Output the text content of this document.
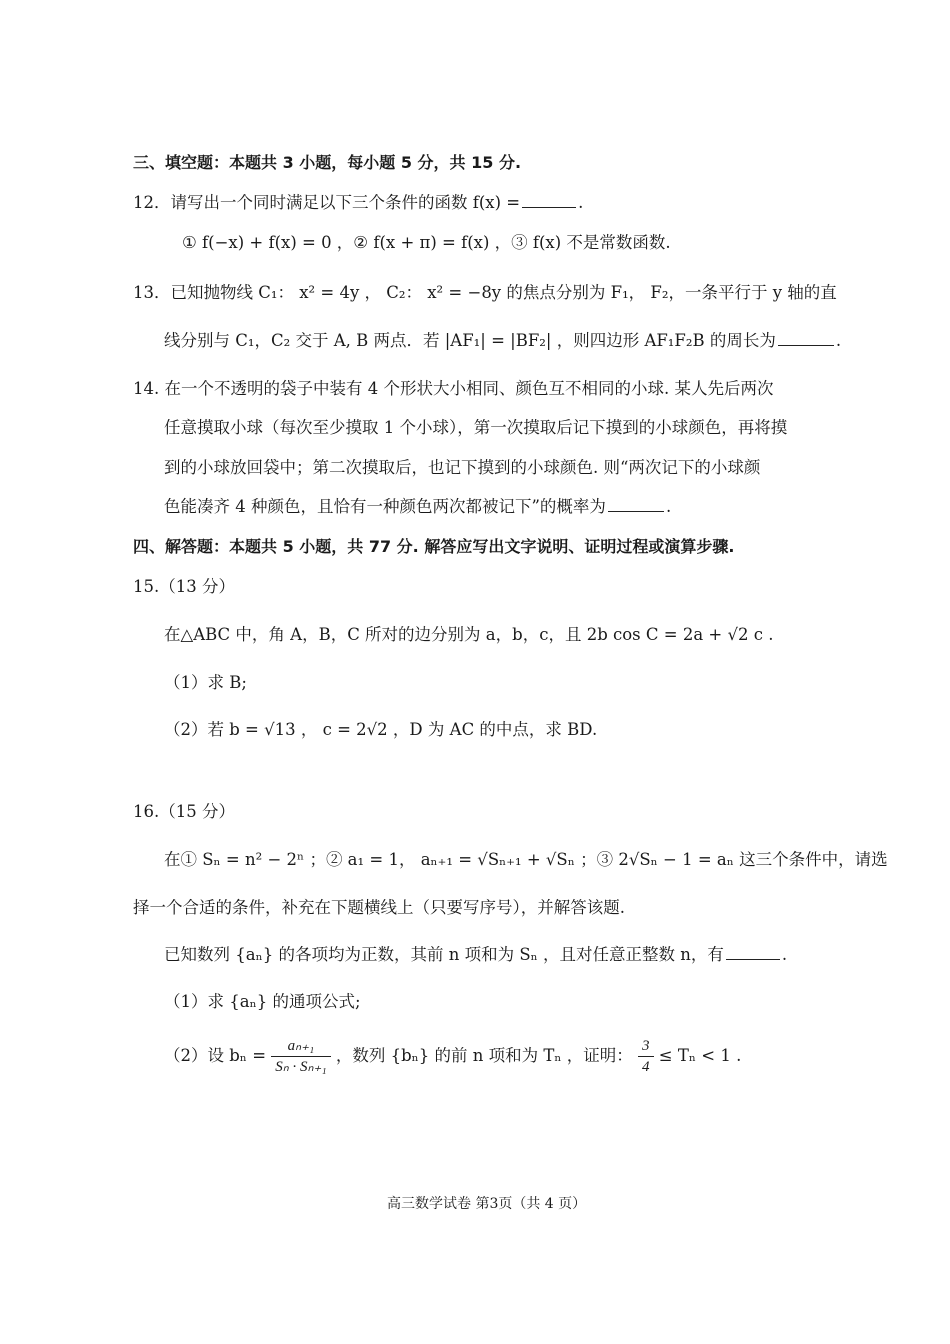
三、填空题：本题共 3 小题，每小题 5 分，共 15 分.
12．请写出一个同时满足以下三个条件的函数 f(x) =	.
① f(−x) + f(x) = 0 ，② f(x + π) = f(x) ，③ f(x) 不是常数函数.
13．已知抛物线 C₁： x² = 4y ， C₂： x² = −8y 的焦点分别为 F₁， F₂，一条平行于 y 轴的直
线分别与 C₁，C₂ 交于 A, B 两点．若 |AF₁| = |BF₂| ，则四边形 AF₁F₂B 的周长为	.
14. 在一个不透明的袋子中装有 4 个形状大小相同、颜色互不相同的小球. 某人先后两次
任意摸取小球（每次至少摸取 1 个小球），第一次摸取后记下摸到的小球颜色，再将摸
到的小球放回袋中；第二次摸取后，也记下摸到的小球颜色. 则“两次记下的小球颜
色能凑齐 4 种颜色，且恰有一种颜色两次都被记下”的概率为	.
四、解答题：本题共 5 小题，共 77 分. 解答应写出文字说明、证明过程或演算步骤.
15.（13 分）
在△ABC 中，角 A，B，C 所对的边分别为 a，b，c，且 2b cos C = 2a + √2 c .
（1）求 B;
（2）若 b = √13 ， c = 2√2 ，D 为 AC 的中点，求 BD.
16.（15 分）
在① Sₙ = n² − 2ⁿ ；② a₁ = 1， aₙ₊₁ = √Sₙ₊₁ + √Sₙ ；③ 2√Sₙ − 1 = aₙ 这三个条件中，请选
择一个合适的条件，补充在下题横线上（只要写序号），并解答该题.
已知数列 {aₙ} 的各项均为正数，其前 n 项和为 Sₙ ，且对任意正整数 n，有	.
（1）求 {aₙ} 的通项公式;
（2）设 $b_n = \frac{\text{aₙ₊₁}}{\text{Sₙ · Sₙ₊₁}}$ ，数列 {bₙ} 的前 n 项和为 Tₙ ，证明： $\frac{3}{4} \le T_n < 1$ .
高三数学试卷 第3页（共 4 页）
